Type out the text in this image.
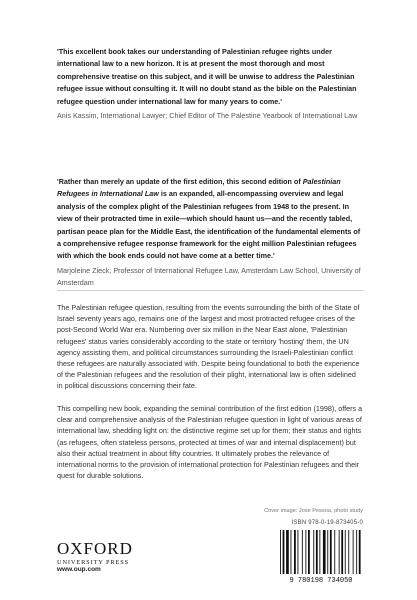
'This excellent book takes our understanding of Palestinian refugee rights under international law to a new horizon. It is at present the most thorough and most comprehensive treatise on this subject, and it will be unwise to address the Palestinian refugee issue without consulting it. It will no doubt stand as the bible on the Palestinian refugee question under international law for many years to come.'

Anis Kassim, International Lawyer; Chief Editor of The Palestine Yearbook of International Law

'Rather than merely an update of the first edition, this second edition of Palestinian Refugees in International Law is an expanded, all-encompassing overview and legal analysis of the complex plight of the Palestinian refugees from 1948 to the present. In view of their protracted time in exile—which should haunt us—and the recently tabled, partisan peace plan for the Middle East, the identification of the fundamental elements of a comprehensive refugee response framework for the eight million Palestinian refugees with which the book ends could not have come at a better time.'

Marjoleine Zieck, Professor of International Refugee Law, Amsterdam Law School, University of Amsterdam

The Palestinian refugee question, resulting from the events surrounding the birth of the State of Israel seventy years ago, remains one of the largest and most protracted refugee crises of the post-Second World War era. Numbering over six million in the Near East alone, 'Palestinian refugees' status varies considerably according to the state or territory 'hosting' them, the UN agency assisting them, and political circumstances surrounding the Israeli-Palestinian conflict these refugees are naturally associated with. Despite being foundational to both the experience of the Palestinian refugees and the resolution of their plight, international law is often sidelined in political discussions concerning their fate.

This compelling new book, expanding the seminal contribution of the first edition (1998), offers a clear and comprehensive analysis of the Palestinian refugee question in light of various areas of international law, shedding light on: the distinctive regime set up for them; their status and rights (as refugees, often stateless persons, protected at times of war and internal displacement) but also their actual treatment in about fifty countries. It ultimately probes the relevance of international norms to the provision of international protection for Palestinian refugees and their quest for durable solutions.

Cover image: Jose Pessoa, photo study
ISBN 978-0-19-873405-0
9 780198 734050
OXFORD
UNIVERSITY PRESS
www.oup.com
